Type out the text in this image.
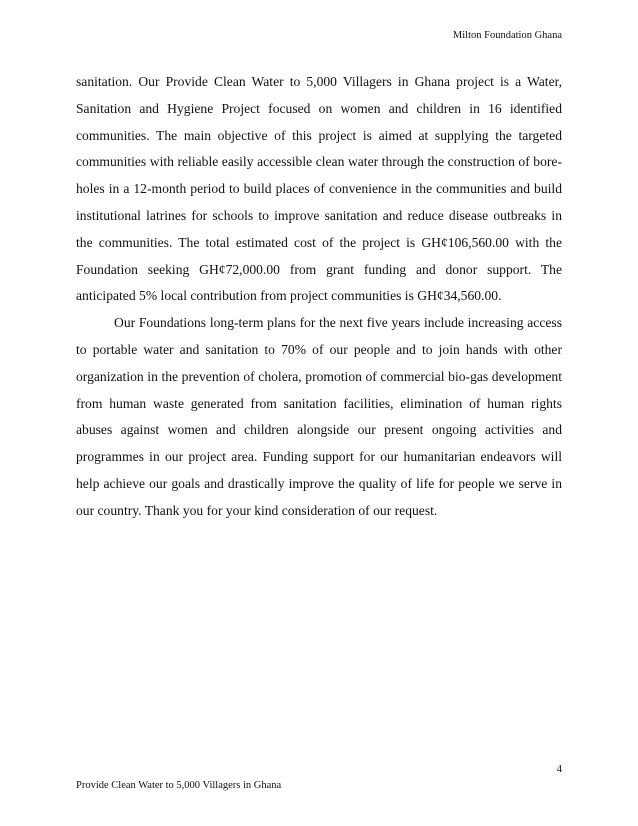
Milton Foundation Ghana

sanitation. Our Provide Clean Water to 5,000 Villagers in Ghana project is a Water, Sanitation and Hygiene Project focused on women and children in 16 identified communities. The main objective of this project is aimed at supplying the targeted communities with reliable easily accessible clean water through the construction of bore-holes in a 12-month period to build places of convenience in the communities and build institutional latrines for schools to improve sanitation and reduce disease outbreaks in the communities. The total estimated cost of the project is GH¢106,560.00 with the Foundation seeking GH¢72,000.00 from grant funding and donor support. The anticipated 5% local contribution from project communities is GH¢34,560.00.

Our Foundations long-term plans for the next five years include increasing access to portable water and sanitation to 70% of our people and to join hands with other organization in the prevention of cholera, promotion of commercial bio-gas development from human waste generated from sanitation facilities, elimination of human rights abuses against women and children alongside our present ongoing activities and programmes in our project area. Funding support for our humanitarian endeavors will help achieve our goals and drastically improve the quality of life for people we serve in our country. Thank you for your kind consideration of our request.

4
Provide Clean Water to 5,000 Villagers in Ghana
